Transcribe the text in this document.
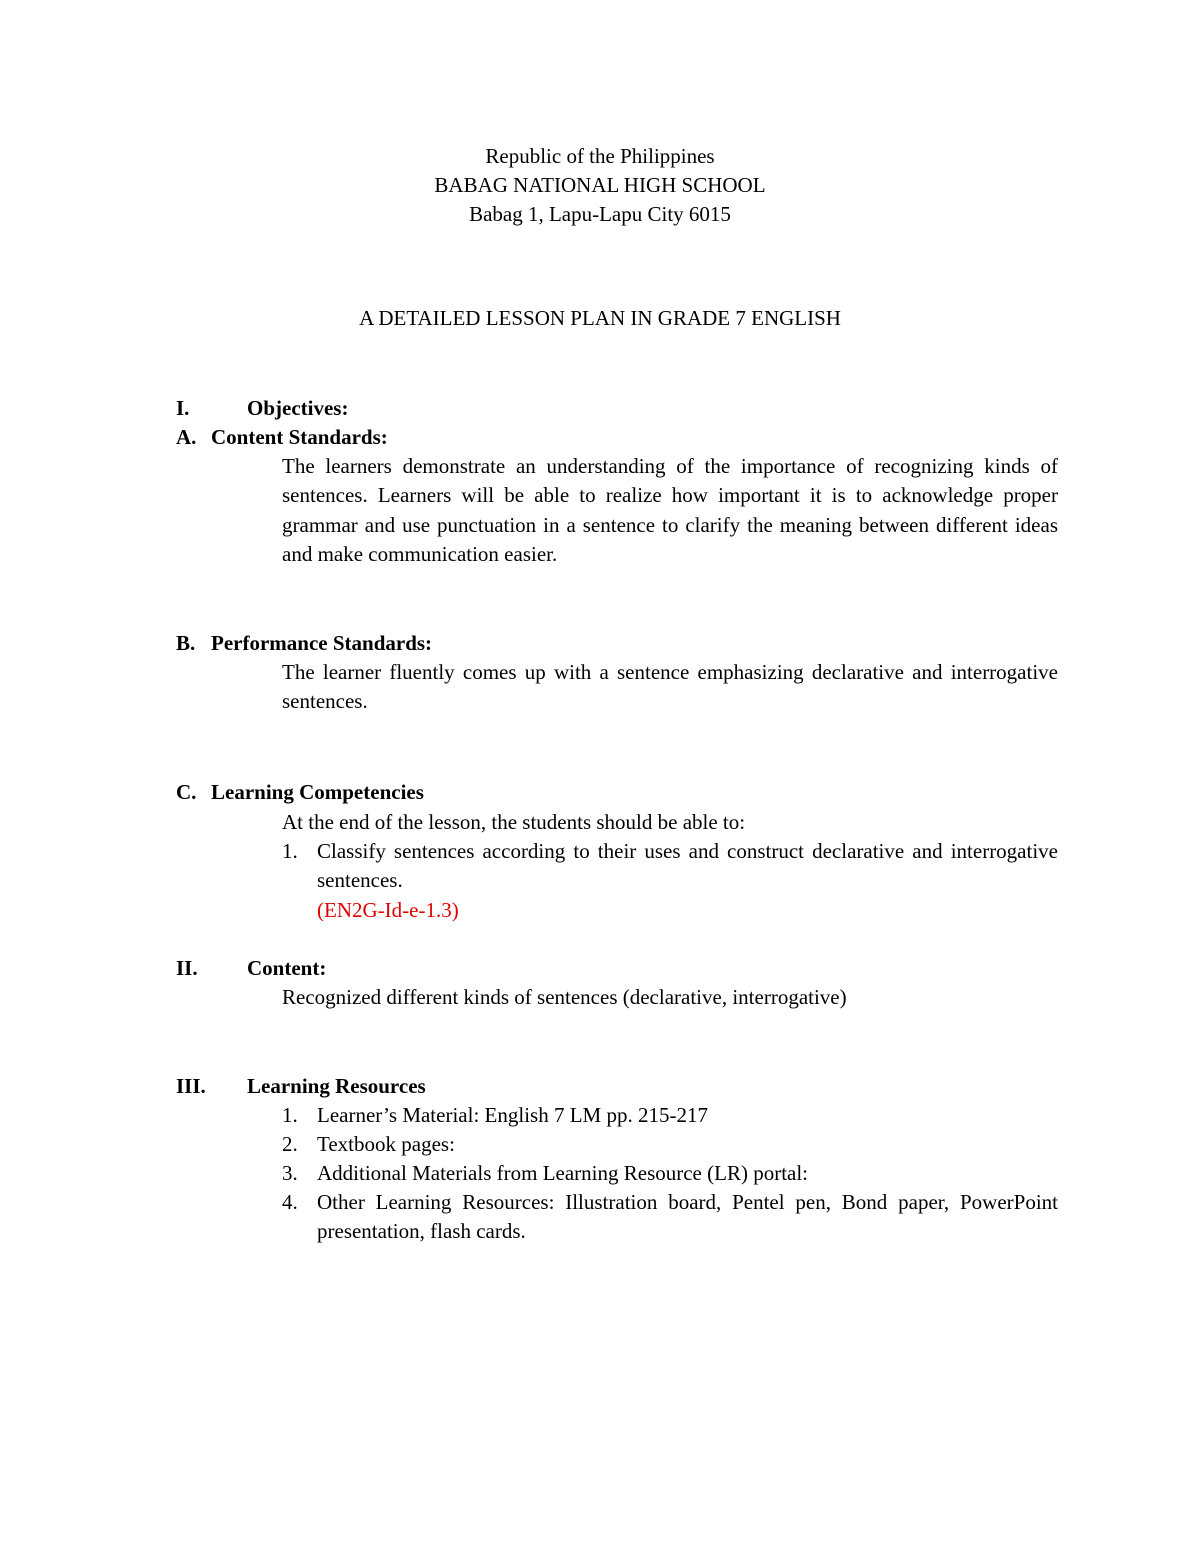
Republic of the Philippines
BABAG NATIONAL HIGH SCHOOL
Babag 1, Lapu-Lapu City 6015
A DETAILED LESSON PLAN IN GRADE 7 ENGLISH
I.	Objectives:
A. Content Standards:
The learners demonstrate an understanding of the importance of recognizing kinds of sentences. Learners will be able to realize how important it is to acknowledge proper grammar and use punctuation in a sentence to clarify the meaning between different ideas and make communication easier.
B. Performance Standards:
The learner fluently comes up with a sentence emphasizing declarative and interrogative sentences.
C. Learning Competencies
At the end of the lesson, the students should be able to:
1. Classify sentences according to their uses and construct declarative and interrogative sentences.
(EN2G-Id-e-1.3)
II. Content:
Recognized different kinds of sentences (declarative, interrogative)
III. Learning Resources
1. Learner’s Material: English 7 LM pp. 215-217
2. Textbook pages:
3. Additional Materials from Learning Resource (LR) portal:
4. Other Learning Resources: Illustration board, Pentel pen, Bond paper, PowerPoint presentation, flash cards.
